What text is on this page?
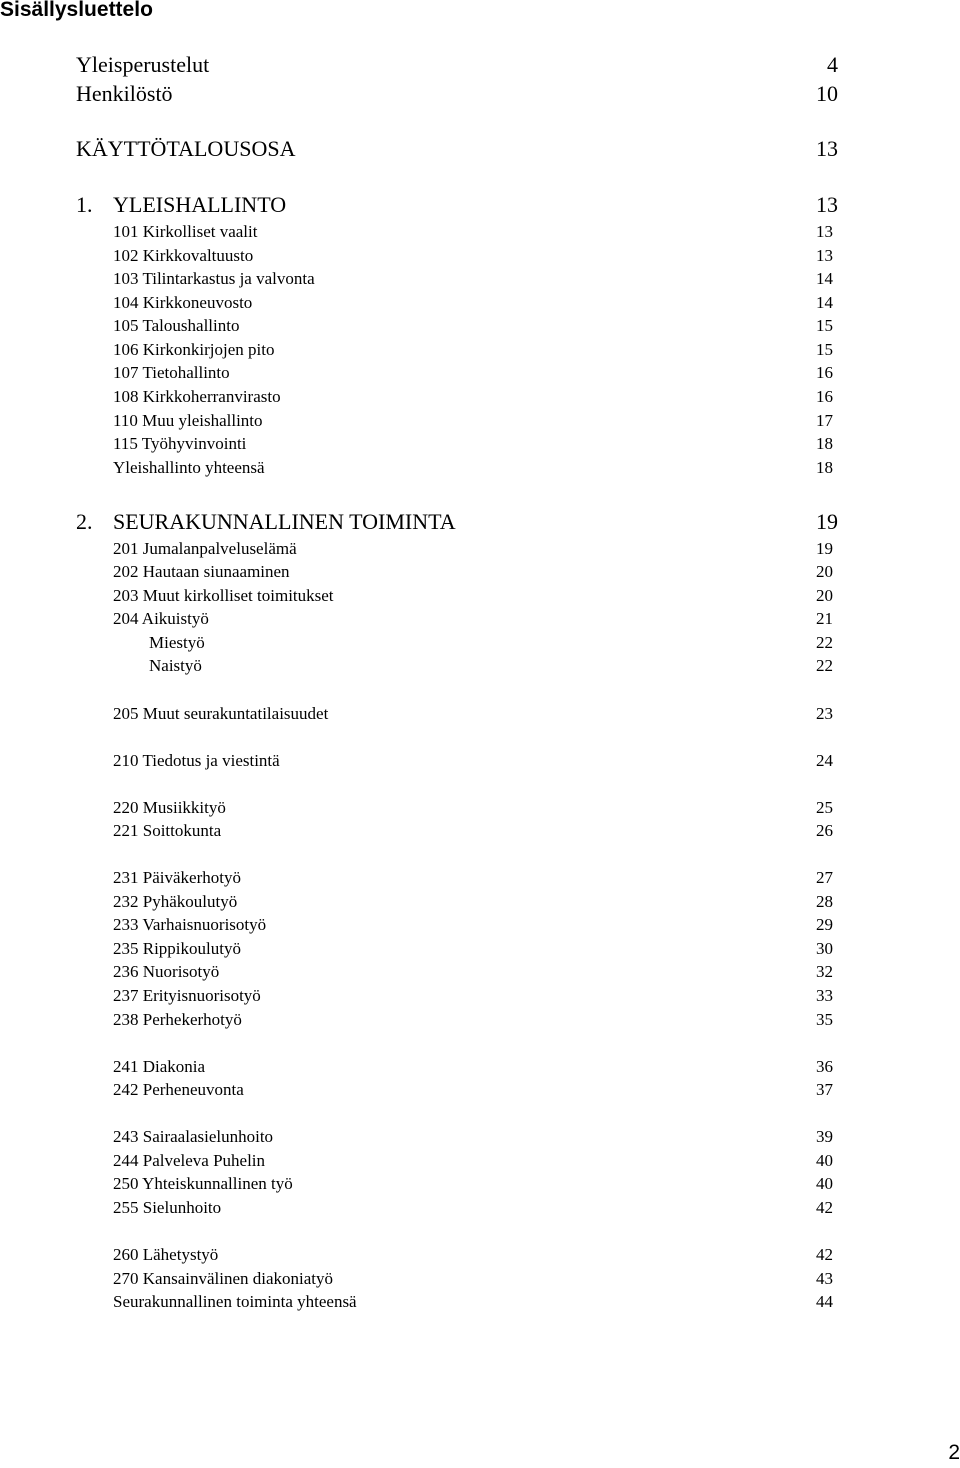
Sisällysluettelo
Yleisperustelut	4
Henkilöstö	10
KÄYTTÖTALOUSOSA	13
1. YLEISHALLINTO	13
101 Kirkolliset vaalit	13
102 Kirkkovaltuusto	13
103 Tilintarkastus ja valvonta	14
104 Kirkkoneuvosto	14
105 Taloushallinto	15
106 Kirkonkirjojen pito	15
107 Tietohallinto	16
108 Kirkkoherranvirasto	16
110 Muu yleishallinto	17
115 Työhyvinvointi	18
Yleishallinto yhteensä	18
2. SEURAKUNNALLINEN TOIMINTA	19
201 Jumalanpalveluselämä	19
202 Hautaan siunaaminen	20
203 Muut kirkolliset toimitukset	20
204 Aikuistyö	21
Miestyö	22
Naistyö	22
205 Muut seurakuntatilaisuudet	23
210 Tiedotus ja viestintä	24
220 Musiikkityö	25
221 Soittokunta	26
231 Päiväkerhotyö	27
232 Pyhäkoulutyö	28
233 Varhaisnuorisotyö	29
235 Rippikoulutyö	30
236 Nuorisotyö	32
237 Erityisnuorisotyö	33
238 Perhekerhotyö	35
241 Diakonia	36
242 Perheneuvonta	37
243 Sairaalasielunhoito	39
244 Palveleva Puhelin	40
250 Yhteiskunnallinen työ	40
255 Sielunhoito	42
260 Lähetystyö	42
270 Kansainvälinen diakoniatyö	43
Seurakunnallinen toiminta yhteensä	44
2
